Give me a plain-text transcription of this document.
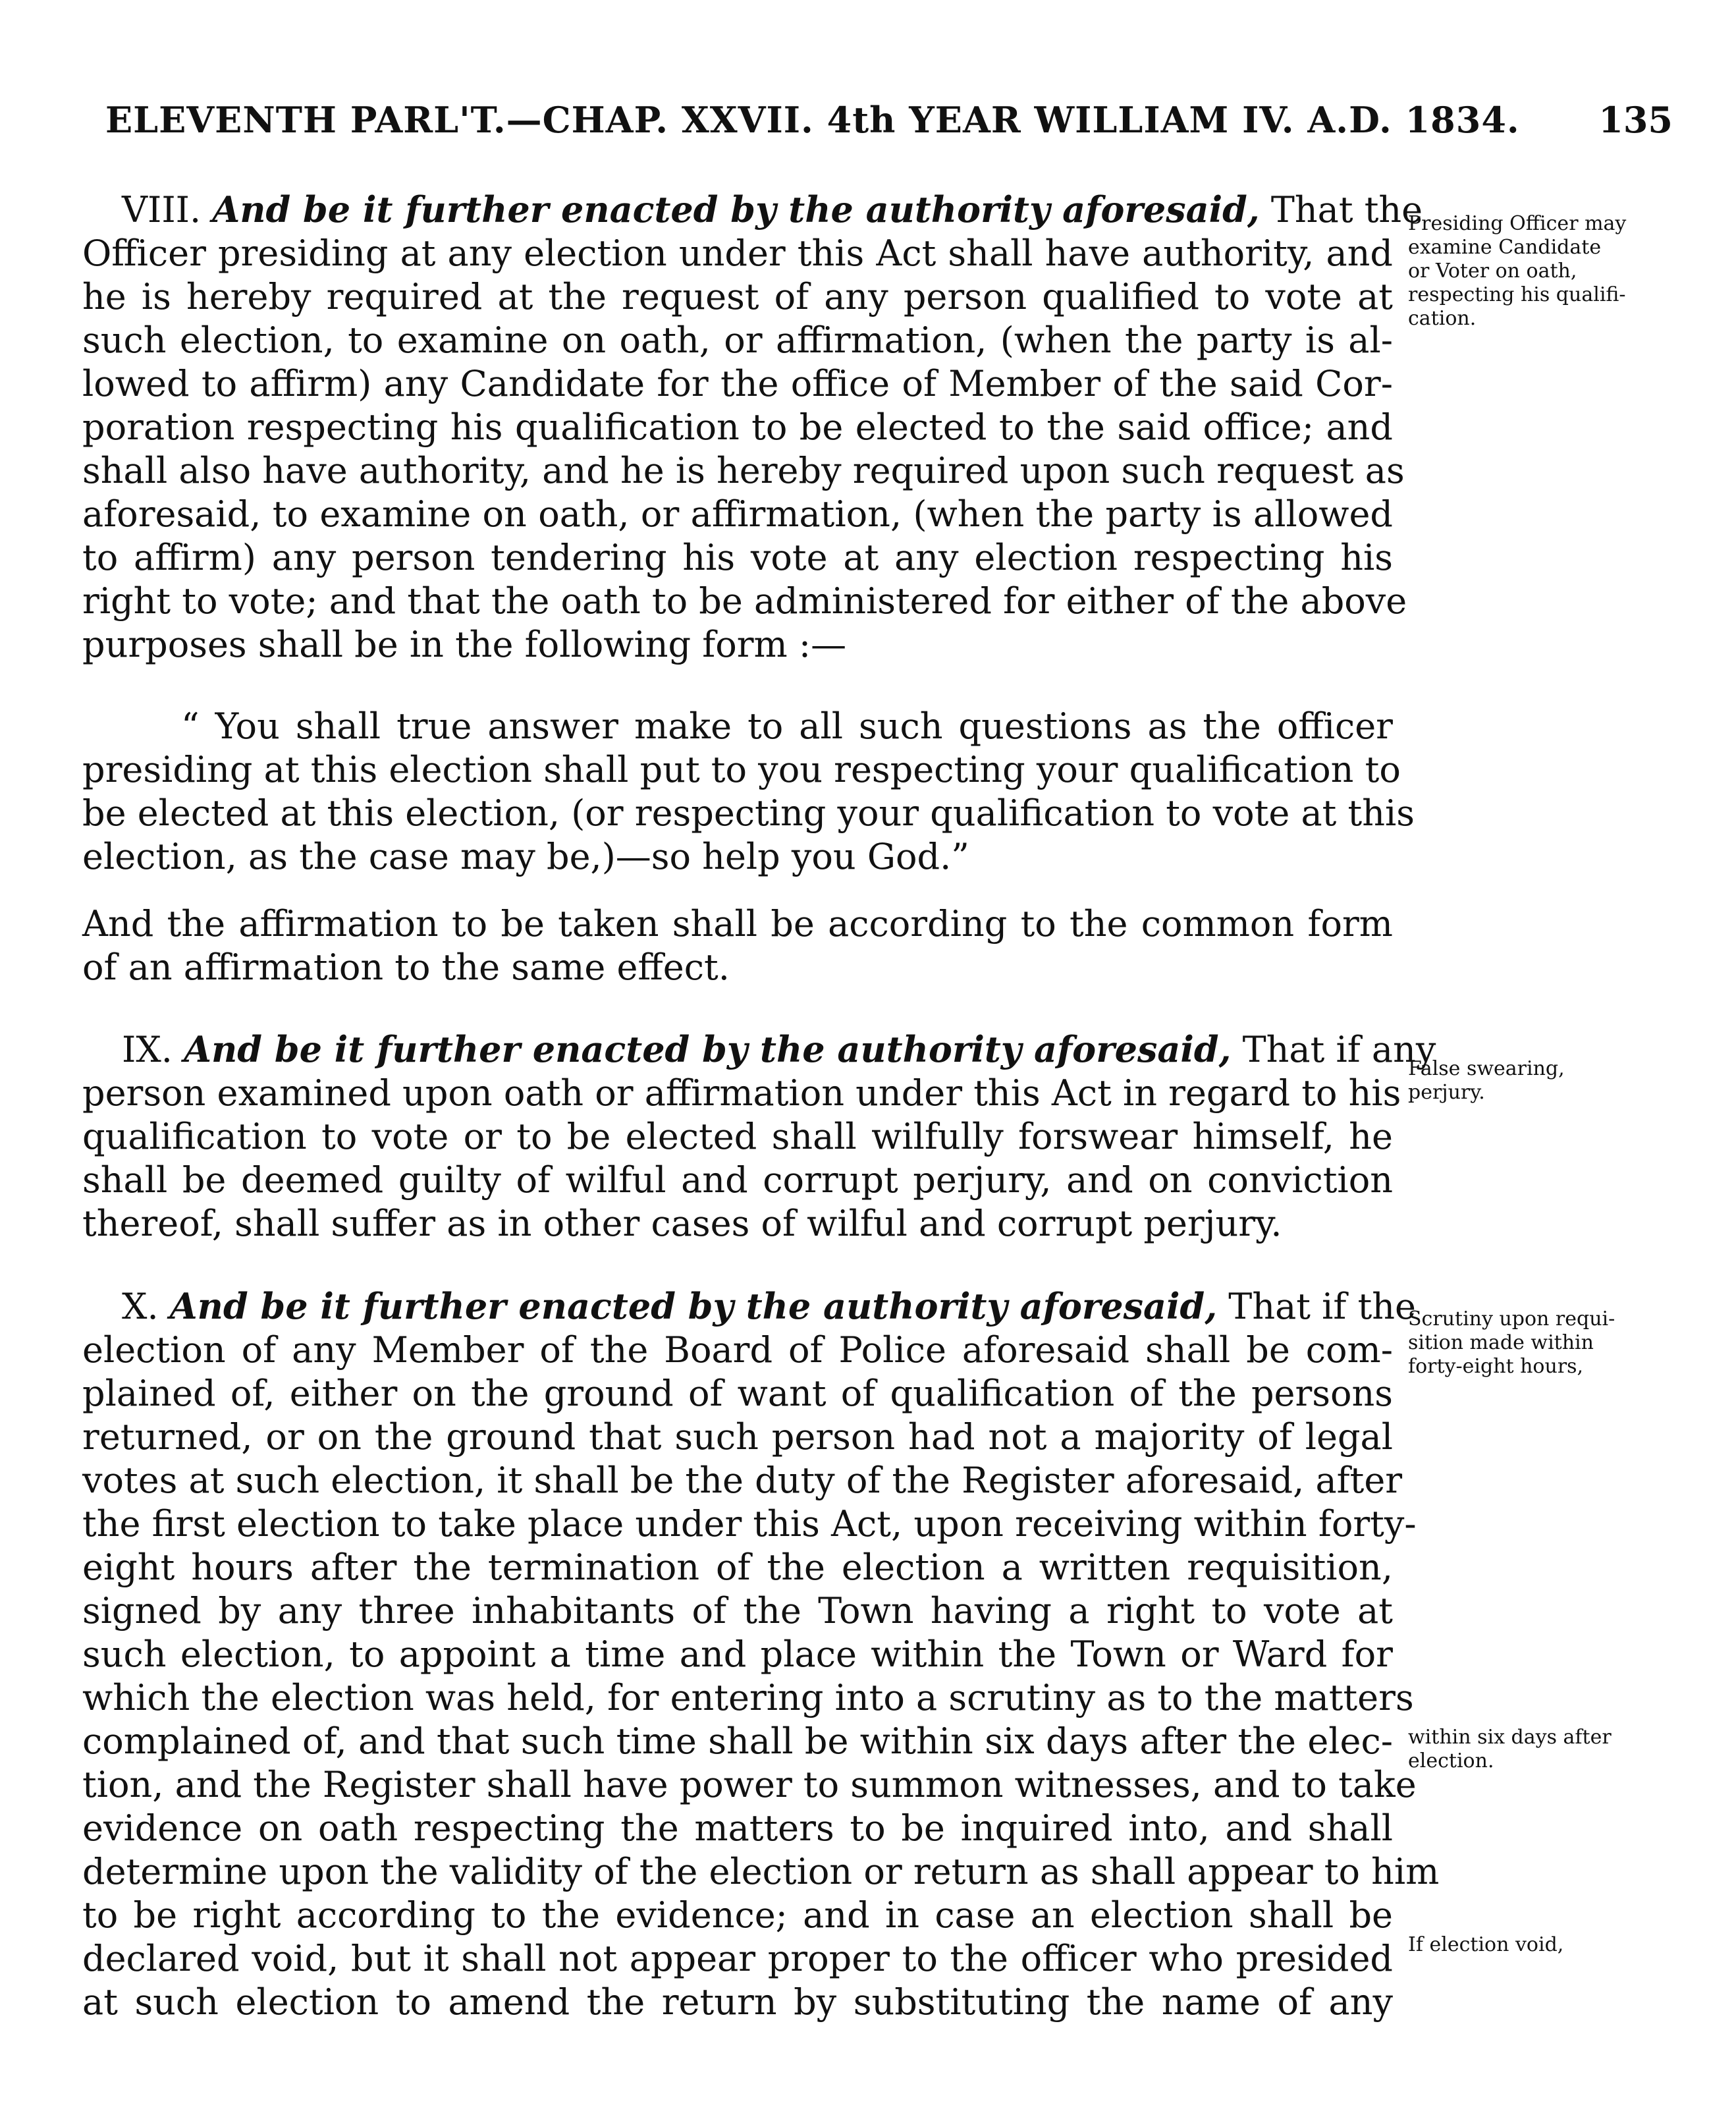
ELEVENTH PARL'T.—CHAP. XXVII. 4th YEAR WILLIAM IV. A.D. 1834. 135
VIII. And be it further enacted by the authority aforesaid, That the
Officer presiding at any election under this Act shall have authority, and
he is hereby required at the request of any person qualified to vote at
such election, to examine on oath, or affirmation, (when the party is al-
lowed to affirm) any Candidate for the office of Member of the said Cor-
poration respecting his qualification to be elected to the said office; and
shall also have authority, and he is hereby required upon such request as
aforesaid, to examine on oath, or affirmation, (when the party is allowed
to affirm) any person tendering his vote at any election respecting his
right to vote; and that the oath to be administered for either of the above
purposes shall be in the following form :—
“ You shall true answer make to all such questions as the officer
presiding at this election shall put to you respecting your qualification to
be elected at this election, (or respecting your qualification to vote at this
election, as the case may be,)—so help you God.”
And the affirmation to be taken shall be according to the common form
of an affirmation to the same effect.
Presiding Officer may
examine Candidate
or Voter on oath,
respecting his qualifi-
cation.
IX. And be it further enacted by the authority aforesaid, That if any
person examined upon oath or affirmation under this Act in regard to his
qualification to vote or to be elected shall wilfully forswear himself, he
shall be deemed guilty of wilful and corrupt perjury, and on conviction
thereof, shall suffer as in other cases of wilful and corrupt perjury.
False swearing,
perjury.
X. And be it further enacted by the authority aforesaid, That if the
election of any Member of the Board of Police aforesaid shall be com-
plained of, either on the ground of want of qualification of the persons
returned, or on the ground that such person had not a majority of legal
votes at such election, it shall be the duty of the Register aforesaid, after
the first election to take place under this Act, upon receiving within forty-
eight hours after the termination of the election a written requisition,
signed by any three inhabitants of the Town having a right to vote at
such election, to appoint a time and place within the Town or Ward for
which the election was held, for entering into a scrutiny as to the matters
complained of, and that such time shall be within six days after the elec-
tion, and the Register shall have power to summon witnesses, and to take
evidence on oath respecting the matters to be inquired into, and shall
determine upon the validity of the election or return as shall appear to him
to be right according to the evidence; and in case an election shall be
declared void, but it shall not appear proper to the officer who presided
at such election to amend the return by substituting the name of any
Scrutiny upon requi-
sition made within
forty-eight hours,
within six days after
election.
If election void,
